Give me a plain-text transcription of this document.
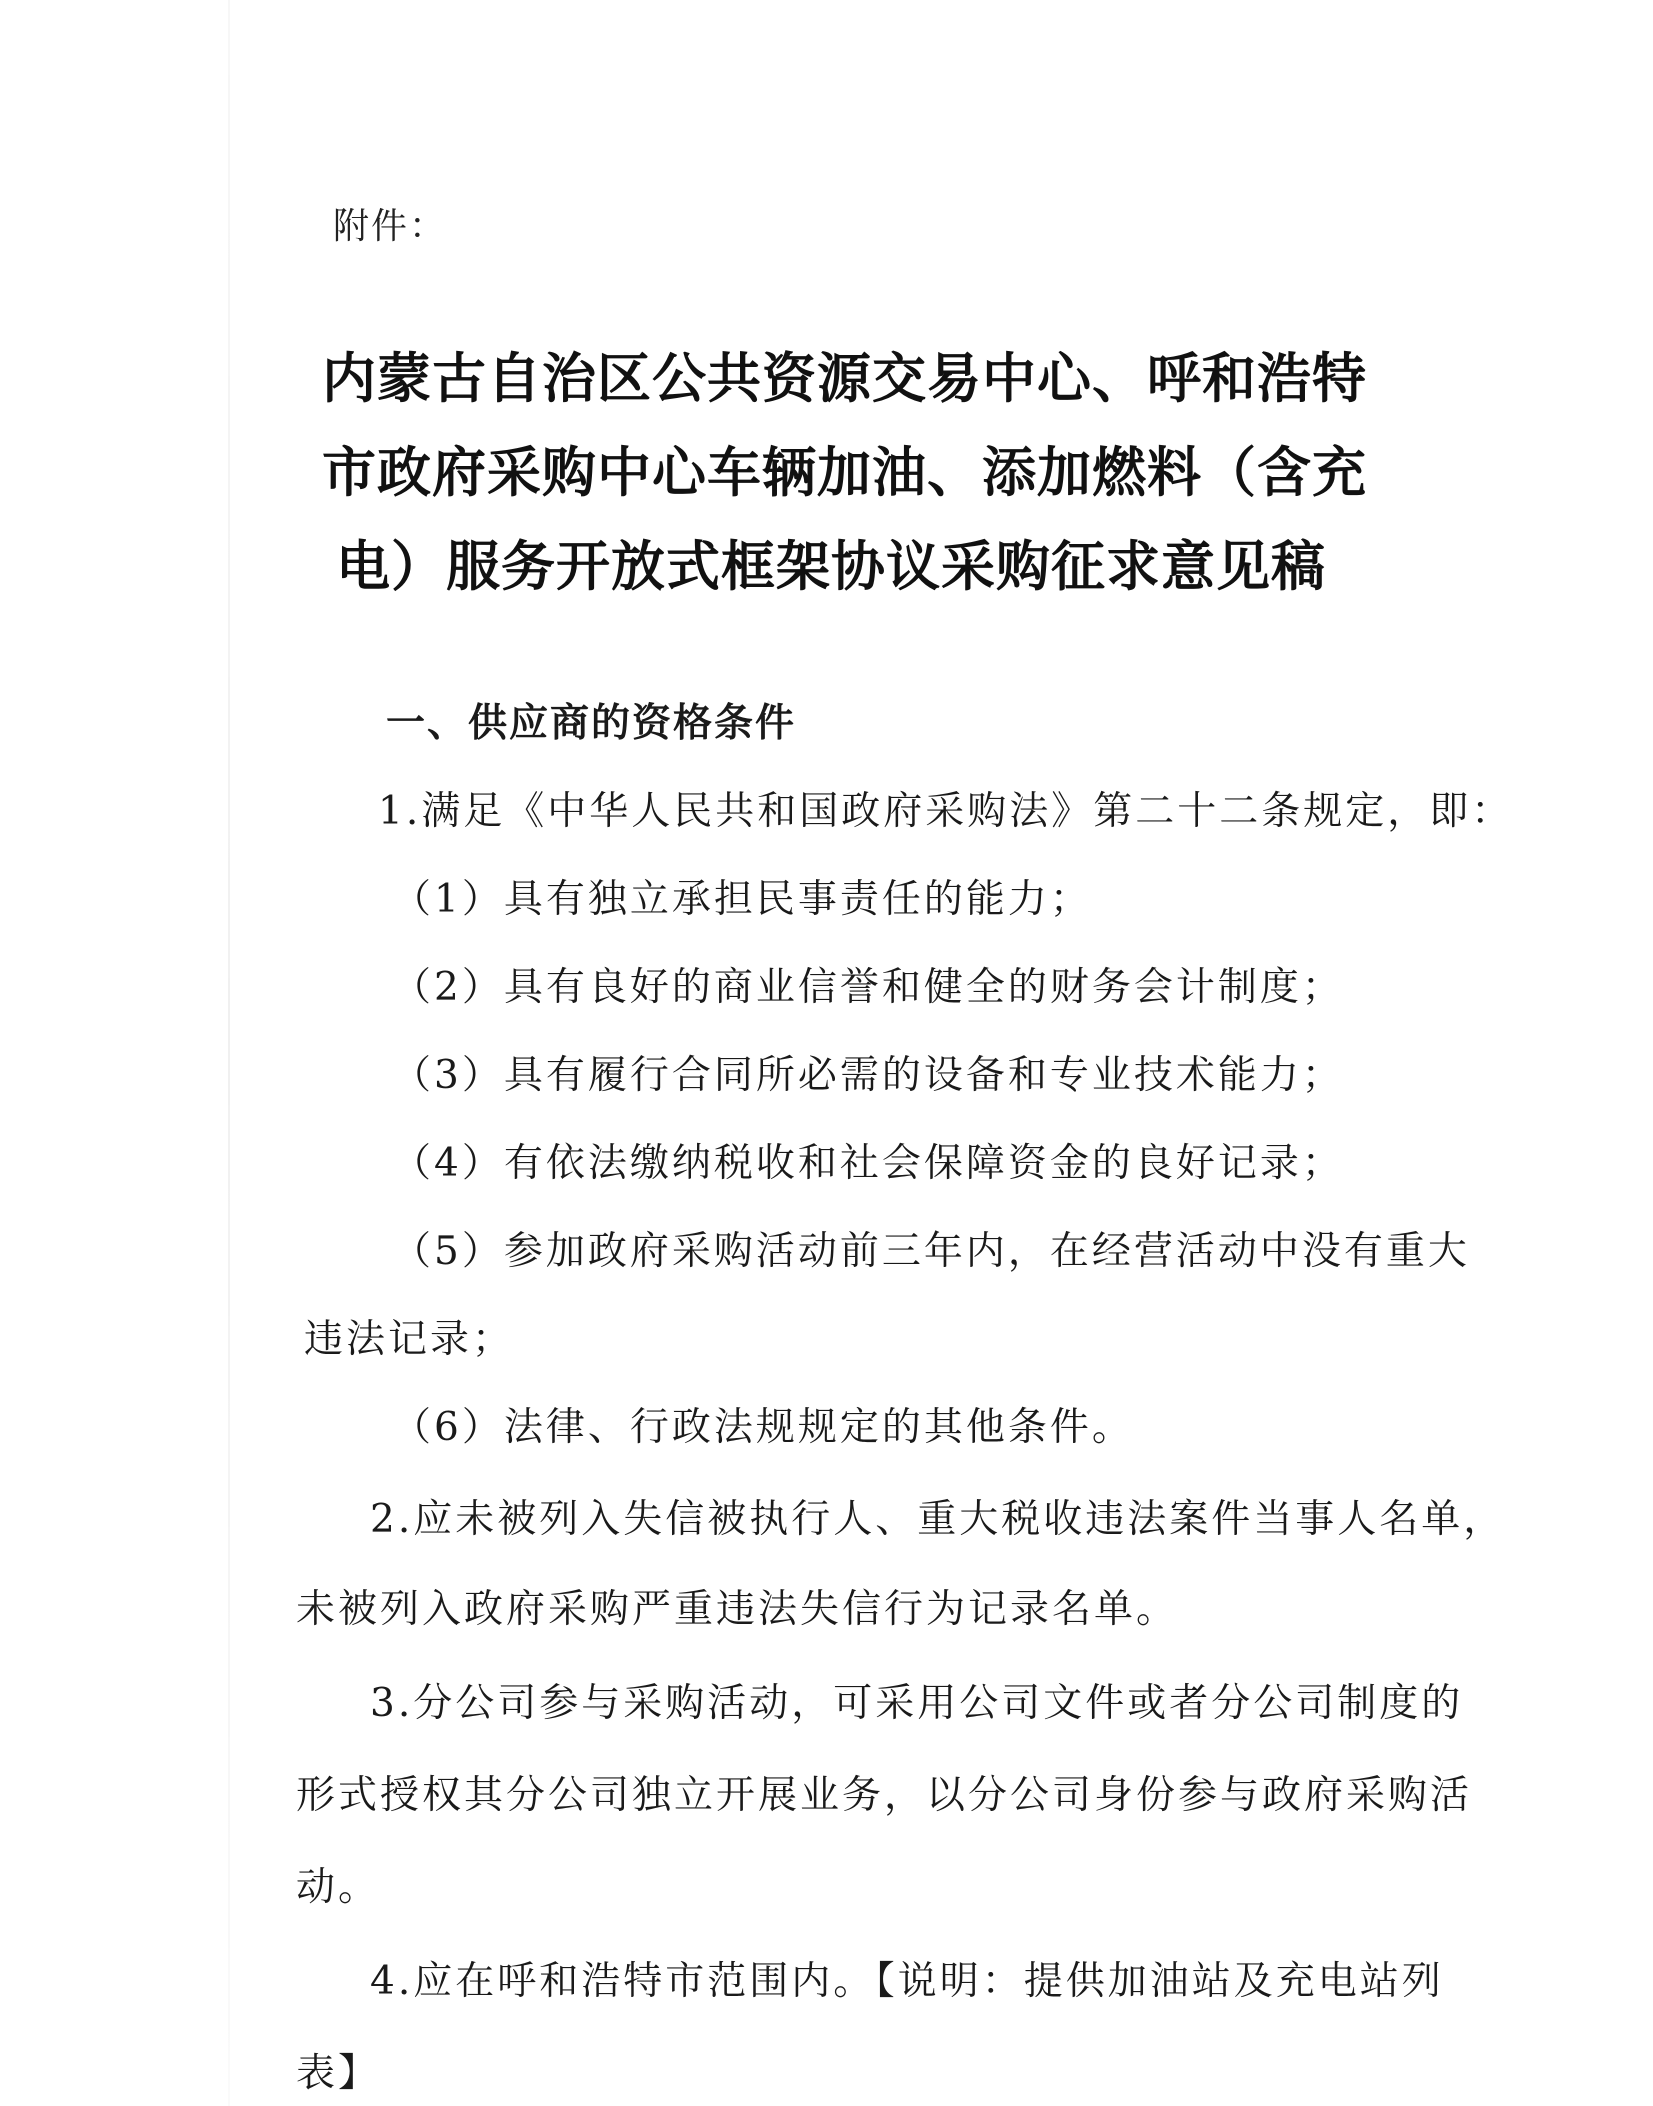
附件：
内蒙古自治区公共资源交易中心、呼和浩特
市政府采购中心车辆加油、添加燃料（含充
电）服务开放式框架协议采购征求意见稿
一、供应商的资格条件
1.满足《中华人民共和国政府采购法》第二十二条规定，即：
（1）具有独立承担民事责任的能力；
（2）具有良好的商业信誉和健全的财务会计制度；
（3）具有履行合同所必需的设备和专业技术能力；
（4）有依法缴纳税收和社会保障资金的良好记录；
（5）参加政府采购活动前三年内，在经营活动中没有重大
违法记录；
（6）法律、行政法规规定的其他条件。
2.应未被列入失信被执行人、重大税收违法案件当事人名单，
未被列入政府采购严重违法失信行为记录名单。
3.分公司参与采购活动，可采用公司文件或者分公司制度的
形式授权其分公司独立开展业务，以分公司身份参与政府采购活
动。
4.应在呼和浩特市范围内。【说明：提供加油站及充电站列
表】
